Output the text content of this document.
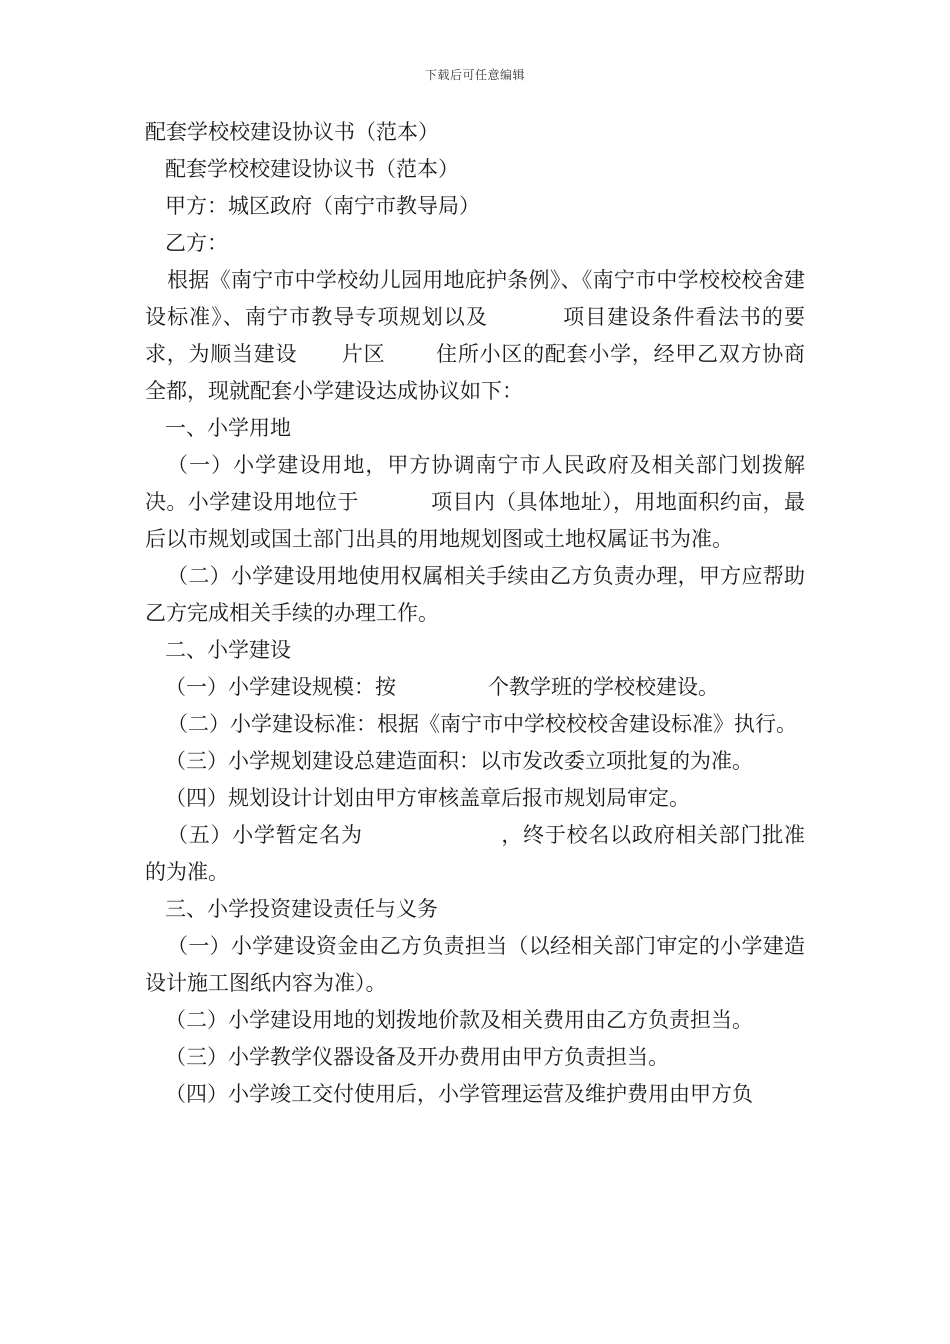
下载后可任意编辑
配套学校校建设协议书（范本）
配套学校校建设协议书（范本）
甲方：城区政府（南宁市教导局）
乙方：

根据《南宁市中学校幼儿园用地庇护条例》、《南宁市中学校校校舍建设标准》、南宁市教导专项规划以及	项目建设条件看法书的要求，为顺当建设 片区 住所小区的配套小学，经甲乙双方协商全都，现就配套小学建设达成协议如下：

一、小学用地

（一）小学建设用地，甲方协调南宁市人民政府及相关部门划拨解决。小学建设用地位于	项目内（具体地址），用地面积约亩，最后以市规划或国土部门出具的用地规划图或土地权属证书为准。

（二）小学建设用地使用权属相关手续由乙方负责办理，甲方应帮助乙方完成相关手续的办理工作。

二、小学建设
（一）小学建设规模：按	个教学班的学校校建设。

（二）小学建设标准：根据《南宁市中学校校校舍建设标准》执行。

（三）小学规划建设总建造面积：以市发改委立项批复的为准。
（四）规划设计计划由甲方审核盖章后报市规划局审定。

（五）小学暂定名为	，终于校名以政府相关部门批准的为准。

三、小学投资建设责任与义务

（一）小学建设资金由乙方负责担当（以经相关部门审定的小学建造设计施工图纸内容为准）。

（二）小学建设用地的划拨地价款及相关费用由乙方负责担当。
（三）小学教学仪器设备及开办费用由甲方负责担当。
（四）小学竣工交付使用后，小学管理运营及维护费用由甲方负
